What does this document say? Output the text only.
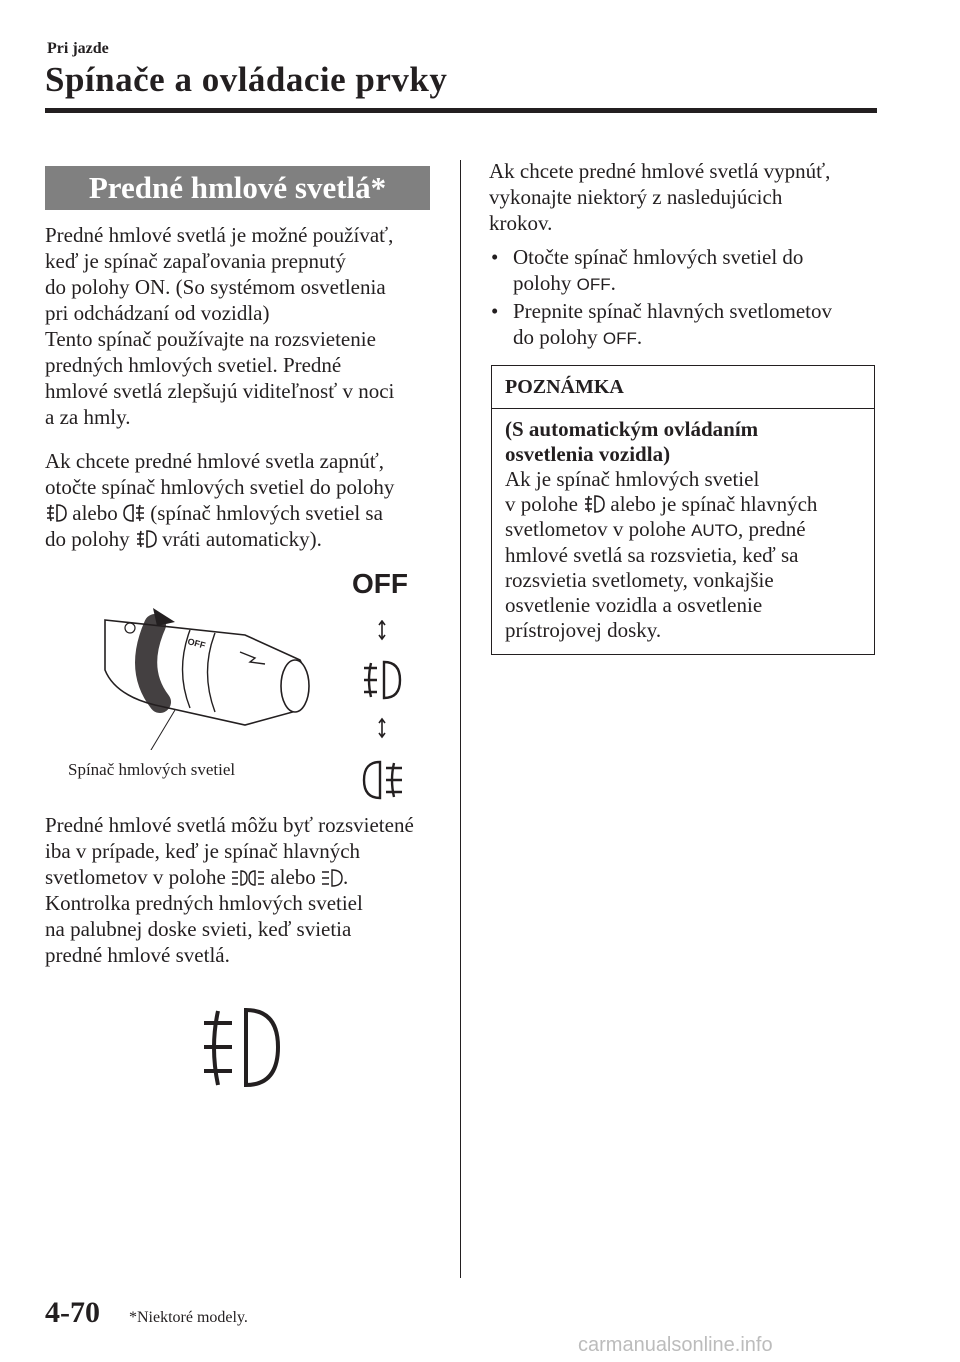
Pri jazde
Spínače a ovládacie prvky
Predné hmlové svetlá*

Predné hmlové svetlá je možné používať,

keď je spínač zapaľovania prepnutý

do polohy ON. (So systémom osvetlenia

pri odchádzaní od vozidla)

Tento spínač používajte na rozsvietenie

predných hmlových svetiel. Predné

hmlové svetlá zlepšujú viditeľnosť v noci

a za hmly.

Ak chcete predné hmlové svetla zapnúť,

otočte spínač hmlových svetiel do polohy

alebo  (spínač hmlových svetiel sa

do polohy  vráti automaticky).

OFF
OFF
Spínač hmlových svetiel

Predné hmlové svetlá môžu byť rozsvietené

iba v prípade, keď je spínač hlavných

svetlometov v polohe  alebo .

Kontrolka predných hmlových svetiel

na palubnej doske svieti, keď svietia

predné hmlové svetlá.

Ak chcete predné hmlové svetlá vypnúť,

vykonajte niektorý z nasledujúcich

krokov.

• Otočte spínač hmlových svetiel do
polohy OFF.
• Prepnite spínač hlavných svetlometov
do polohy OFF.
POZNÁMKA
(S automatickým ovládaním
osvetlenia vozidla)
Ak je spínač hmlových svetiel
v polohe  alebo je spínač hlavných
svetlometov v polohe AUTO, predné
hmlové svetlá sa rozsvietia, keď sa
rozsvietia svetlomety, vonkajšie
osvetlenie vozidla a osvetlenie
prístrojovej dosky.
4-70 *Niektoré modely.
carmanualsonline.info
